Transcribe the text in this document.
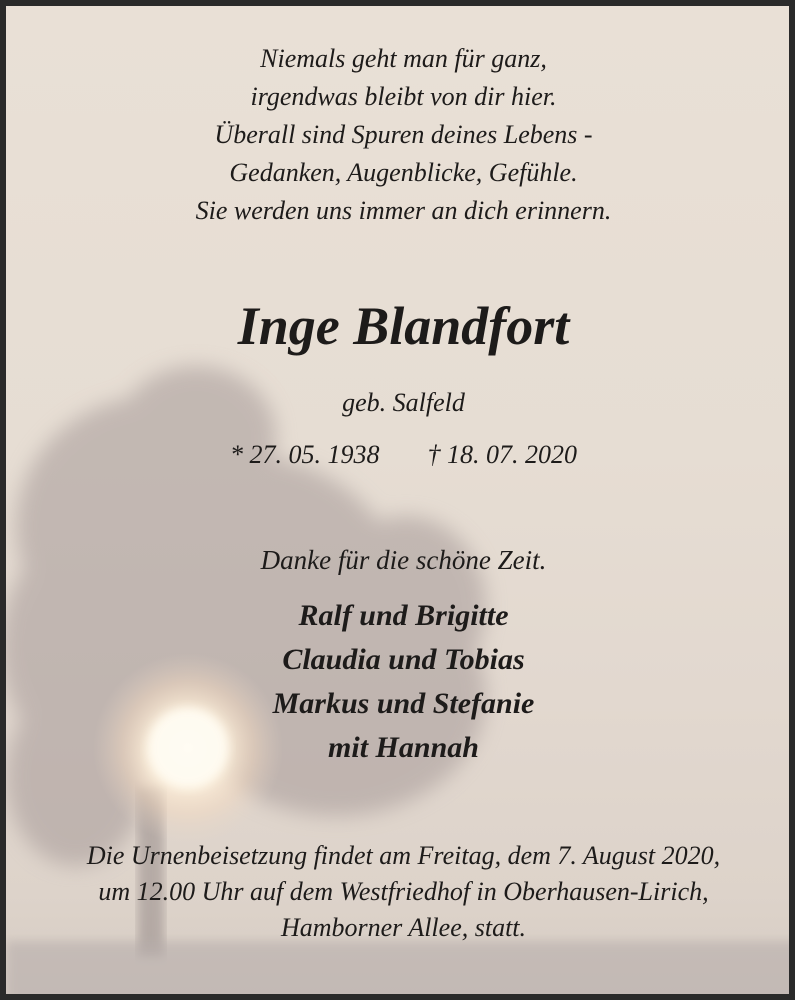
Niemals geht man für ganz,
irgendwas bleibt von dir hier.
Überall sind Spuren deines Lebens -
Gedanken, Augenblicke, Gefühle.
Sie werden uns immer an dich erinnern.
Inge Blandfort
geb. Salfeld
* 27. 05. 1938 † 18. 07. 2020
Danke für die schöne Zeit.
Ralf und Brigitte
Claudia und Tobias
Markus und Stefanie
mit Hannah
Die Urnenbeisetzung findet am Freitag, dem 7. August 2020,
um 12.00 Uhr auf dem Westfriedhof in Oberhausen-Lirich,
Hamborner Allee, statt.
